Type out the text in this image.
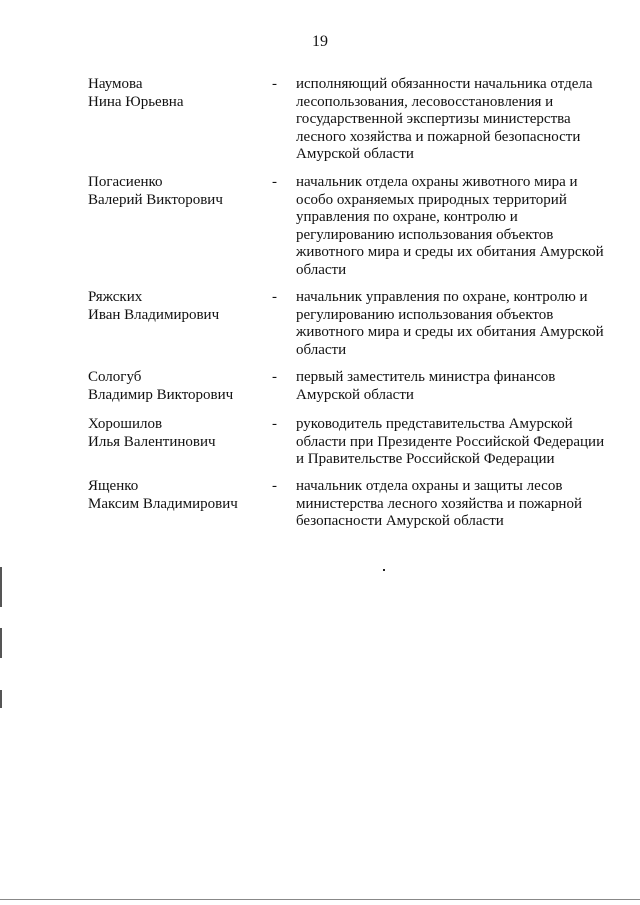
19
Наумова
Нина Юрьевна
- исполняющий обязанности начальника отдела
лесопользования, лесовосстановления и
государственной экспертизы министерства
лесного хозяйства и пожарной безопасности
Амурской области
Погасиенко
Валерий Викторович
- начальник отдела охраны животного мира и
особо охраняемых природных территорий
управления по охране, контролю и
регулированию использования объектов
животного мира и среды их обитания Амурской
области
Ряжских
Иван Владимирович
- начальник управления по охране, контролю и
регулированию использования объектов
животного мира и среды их обитания Амурской
области
Сологуб
Владимир Викторович
- первый заместитель министра финансов
Амурской области
Хорошилов
Илья Валентинович
- руководитель представительства Амурской
области при Президенте Российской Федерации
и Правительстве Российской Федерации
Ященко
Максим Владимирович
- начальник отдела охраны и защиты лесов
министерства лесного хозяйства и пожарной
безопасности Амурской области
